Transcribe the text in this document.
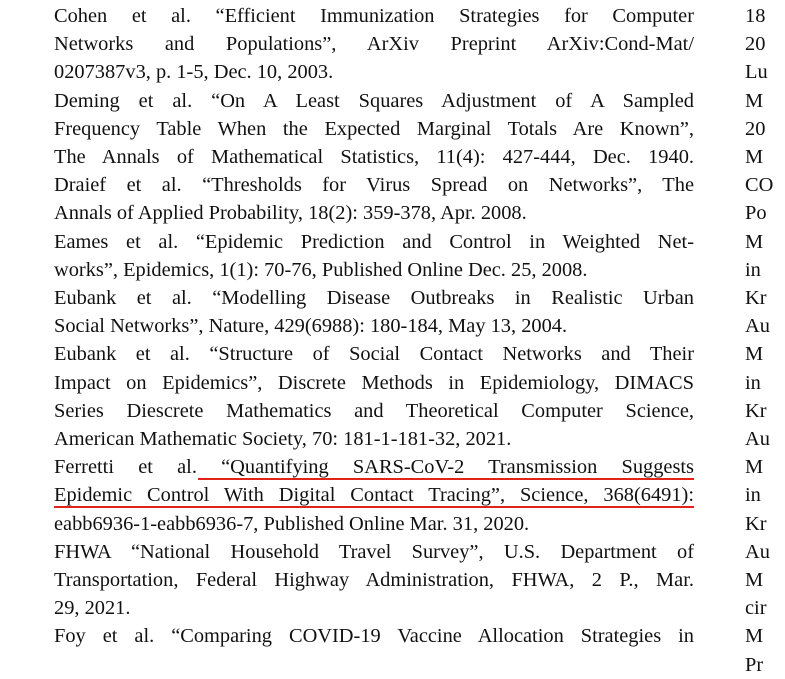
Cohen et al. “Efficient Immunization Strategies for Computer
Networks and Populations”, ArXiv Preprint ArXiv:Cond-Mat/
0207387v3, p. 1-5, Dec. 10, 2003.
Deming et al. “On A Least Squares Adjustment of A Sampled
Frequency Table When the Expected Marginal Totals Are Known”,
The Annals of Mathematical Statistics, 11(4): 427-444, Dec. 1940.
Draief et al. “Thresholds for Virus Spread on Networks”, The
Annals of Applied Probability, 18(2): 359-378, Apr. 2008.
Eames et al. “Epidemic Prediction and Control in Weighted Net-
works”, Epidemics, 1(1): 70-76, Published Online Dec. 25, 2008.
Eubank et al. “Modelling Disease Outbreaks in Realistic Urban
Social Networks”, Nature, 429(6988): 180-184, May 13, 2004.
Eubank et al. “Structure of Social Contact Networks and Their
Impact on Epidemics”, Discrete Methods in Epidemiology, DIMACS
Series Diescrete Mathematics and Theoretical Computer Science,
American Mathematic Society, 70: 181-1-181-32, 2021.
Ferretti et al. “Quantifying SARS-CoV-2 Transmission Suggests
Epidemic Control With Digital Contact Tracing”, Science, 368(6491):
eabb6936-1-eabb6936-7, Published Online Mar. 31, 2020.
FHWA “National Household Travel Survey”, U.S. Department of
Transportation, Federal Highway Administration, FHWA, 2 P., Mar.
29, 2021.
Foy et al. “Comparing COVID-19 Vaccine Allocation Strategies in
18
20
Lu
M
20
M
CO
Po
M
in
Kr
Au
M
in
Kr
Au
M
in
Kr
Au
M
cir
M
Pr
